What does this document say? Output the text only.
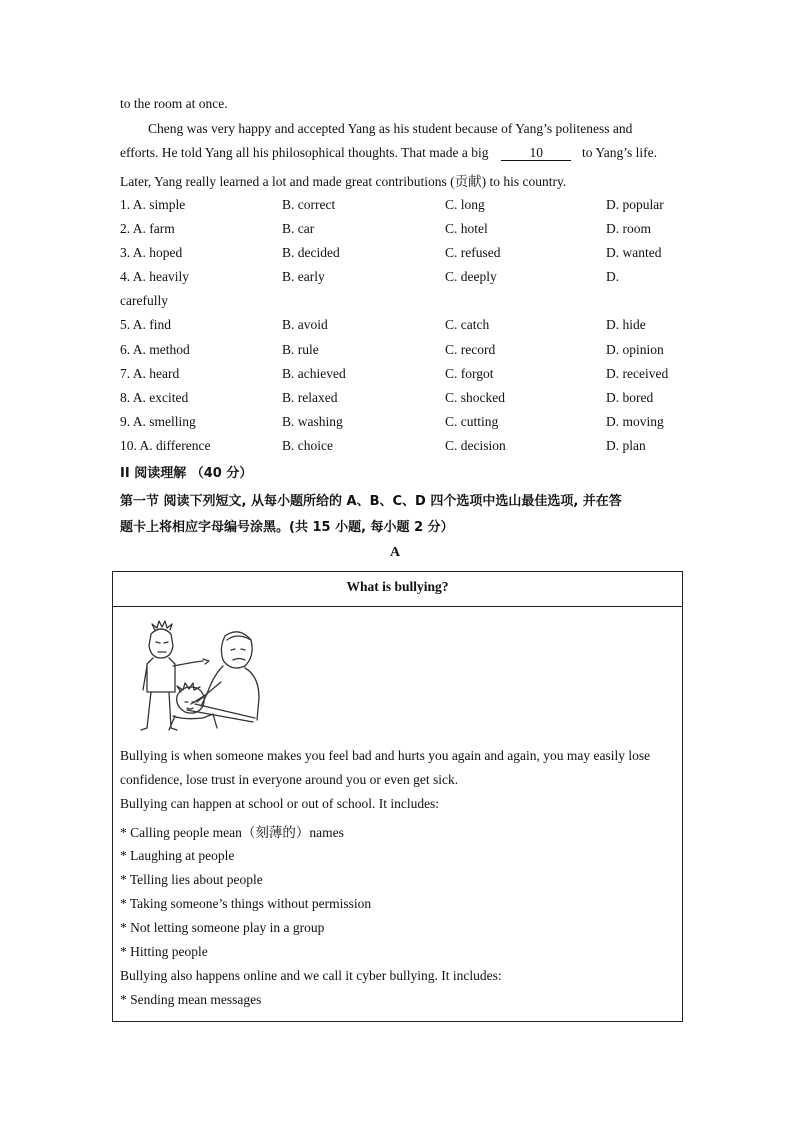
to the room at once.
Cheng was very happy and accepted Yang as his student because of Yang’s politeness and
efforts. He told Yang all his philosophical thoughts. That made a big	10	to Yang’s life.
Later, Yang really learned a lot and made great contributions (贡献) to his country.
1. A. simple	B. correct	C. long	D. popular
2. A. farm	B. car	C. hotel	D. room
3. A. hoped	B. decided	C. refused	D. wanted
4. A. heavily	B. early	C. deeply	D.
carefully
5. A. find	B. avoid	C. catch	D. hide
6. A. method	B. rule	C. record	D. opinion
7. A. heard	B. achieved	C. forgot	D. received
8. A. excited	B. relaxed	C. shocked	D. bored
9. A. smelling	B. washing	C. cutting	D. moving
10. A. difference	B. choice	C. decision	D. plan
II 阅读理解 （40 分）
第一节 阅读下列短文, 从每小题所给的 A、B、C、D 四个选项中选山最佳选项, 并在答
题卡上将相应字母编号涂黑。(共 15 小题, 每小题 2 分）
A
What is bullying?
Bullying is when someone makes you feel bad and hurts you again and again, you may easily lose
confidence, lose trust in everyone around you or even get sick.
Bullying can happen at school or out of school. It includes:
* Calling people mean（刻薄的）names
* Laughing at people
* Telling lies about people
* Taking someone’s things without permission
* Not letting someone play in a group
* Hitting people
Bullying also happens online and we call it cyber bullying. It includes:
* Sending mean messages
